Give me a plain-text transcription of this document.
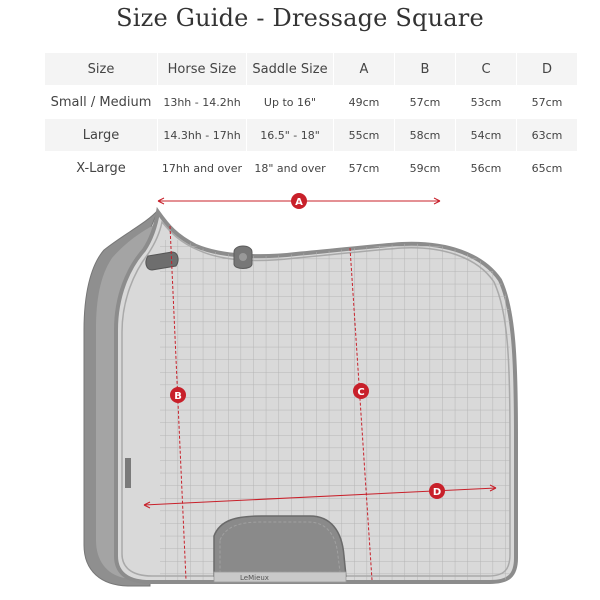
Size Guide - Dressage Square
Size	Horse Size	Saddle Size	A	B	C	D
Small / Medium	13hh - 14.2hh	Up to 16"	49cm	57cm	53cm	57cm
Large	14.3hh - 17hh	16.5" - 18"	55cm	58cm	54cm	63cm
X-Large	17hh and over	18" and over	57cm	59cm	56cm	65cm
LeMieux
A
B	C
D
